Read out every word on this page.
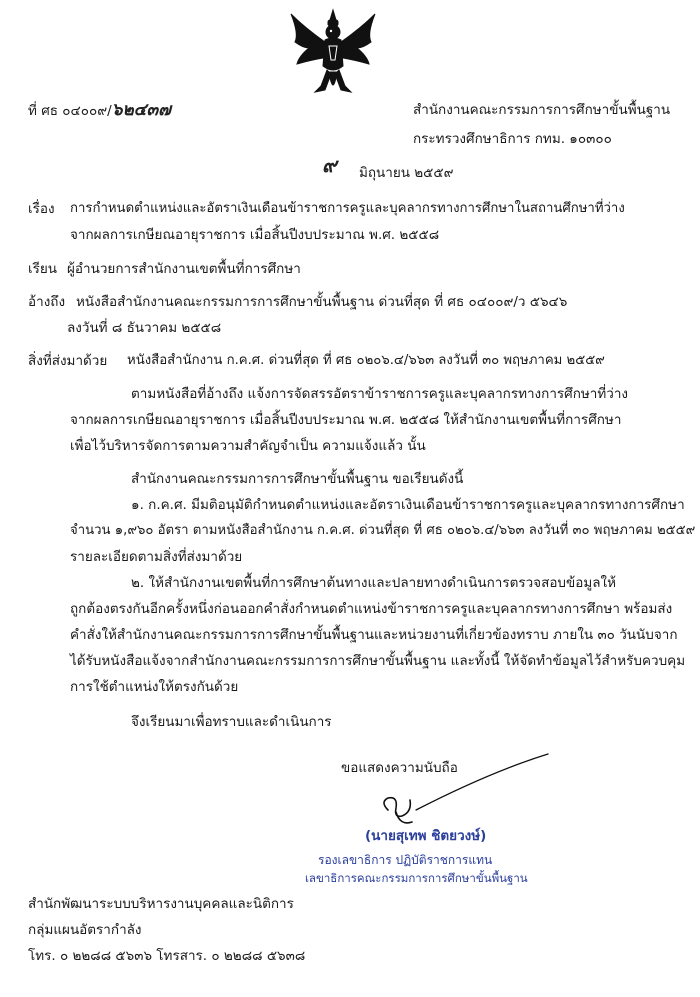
ที่ ศธ ๐๔๐๐๙/๖๒๔๓๗	สำนักงานคณะกรรมการการศึกษาขั้นพื้นฐาน
กระทรวงศึกษาธิการ กทม. ๑๐๓๐๐
๙ มิถุนายน ๒๕๕๙
เรื่อง การกำหนดตำแหน่งและอัตราเงินเดือนข้าราชการครูและบุคลากรทางการศึกษาในสถานศึกษาที่ว่าง
จากผลการเกษียณอายุราชการ เมื่อสิ้นปีงบประมาณ พ.ศ. ๒๕๕๘
เรียน ผู้อำนวยการสำนักงานเขตพื้นที่การศึกษา
อ้างถึง หนังสือสำนักงานคณะกรรมการการศึกษาขั้นพื้นฐาน ด่วนที่สุด ที่ ศธ ๐๔๐๐๙/ว ๕๖๔๖
ลงวันที่ ๘ ธันวาคม ๒๕๕๘
สิ่งที่ส่งมาด้วย หนังสือสำนักงาน ก.ค.ศ. ด่วนที่สุด ที่ ศธ ๐๒๐๖.๔/๖๖๓ ลงวันที่ ๓๐ พฤษภาคม ๒๕๕๙
ตามหนังสือที่อ้างถึง แจ้งการจัดสรรอัตราข้าราชการครูและบุคลากรทางการศึกษาที่ว่าง
จากผลการเกษียณอายุราชการ เมื่อสิ้นปีงบประมาณ พ.ศ. ๒๕๕๘ ให้สำนักงานเขตพื้นที่การศึกษา
เพื่อไว้บริหารจัดการตามความสำคัญจำเป็น ความแจ้งแล้ว นั้น
สำนักงานคณะกรรมการการศึกษาขั้นพื้นฐาน ขอเรียนดังนี้
๑. ก.ค.ศ. มีมติอนุมัติกำหนดตำแหน่งและอัตราเงินเดือนข้าราชการครูและบุคลากรทางการศึกษา
จำนวน ๑,๙๖๐ อัตรา ตามหนังสือสำนักงาน ก.ค.ศ. ด่วนที่สุด ที่ ศธ ๐๒๐๖.๔/๖๖๓ ลงวันที่ ๓๐ พฤษภาคม ๒๕๕๙
รายละเอียดตามสิ่งที่ส่งมาด้วย
๒. ให้สำนักงานเขตพื้นที่การศึกษาต้นทางและปลายทางดำเนินการตรวจสอบข้อมูลให้
ถูกต้องตรงกันอีกครั้งหนึ่งก่อนออกคำสั่งกำหนดตำแหน่งข้าราชการครูและบุคลากรทางการศึกษา พร้อมส่ง
คำสั่งให้สำนักงานคณะกรรมการการศึกษาขั้นพื้นฐานและหน่วยงานที่เกี่ยวข้องทราบ ภายใน ๓๐ วันนับจาก
ได้รับหนังสือแจ้งจากสำนักงานคณะกรรมการการศึกษาขั้นพื้นฐาน และทั้งนี้ ให้จัดทำข้อมูลไว้สำหรับควบคุม
การใช้ตำแหน่งให้ตรงกันด้วย
จึงเรียนมาเพื่อทราบและดำเนินการ
ขอแสดงความนับถือ
(นายสุเทพ ชิตยวงษ์)
รองเลขาธิการ ปฏิบัติราชการแทน
เลขาธิการคณะกรรมการการศึกษาขั้นพื้นฐาน
สำนักพัฒนาระบบบริหารงานบุคคลและนิติการ
กลุ่มแผนอัตรากำลัง
โทร. ๐ ๒๒๘๘ ๕๖๓๖ โทรสาร. ๐ ๒๒๘๘ ๕๖๓๘
